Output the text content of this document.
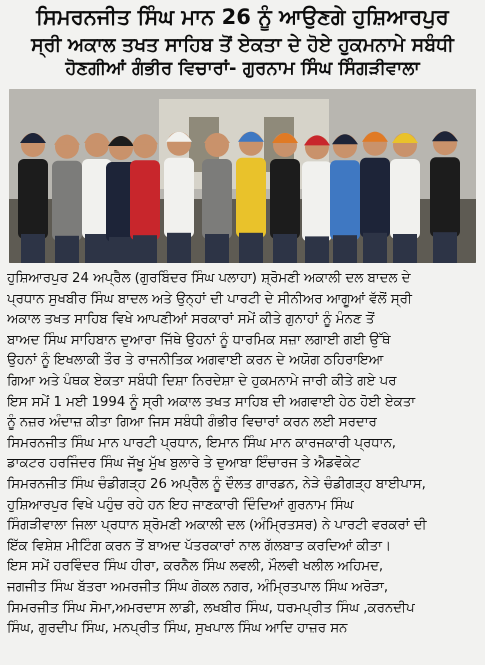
ਸਿਮਰਨਜੀਤ ਸਿੰਘ ਮਾਨ 26 ਨੂੰ ਆਉਣਗੇ ਹੁਸ਼ਿਆਰਪੁਰ
ਸ੍ਰੀ ਅਕਾਲ ਤਖਤ ਸਾਹਿਬ ਤੋਂ ਏਕਤਾ ਦੇ ਹੋਏ ਹੁਕਮਨਾਮੇ ਸਬੰਧੀ
ਹੋਣਗੀਆਂ ਗੰਭੀਰ ਵਿਚਾਰਾਂ- ਗੁਰਨਾਮ ਸਿੰਘ ਸਿੰਗੜੀਵਾਲਾ
ਹੁਸ਼ਿਆਰਪੁਰ 24 ਅਪ੍ਰੈਲ (ਗੁਰਬਿੰਦਰ ਸਿੰਘ ਪਲਾਹਾ) ਸ਼੍ਰੋਮਣੀ ਅਕਾਲੀ ਦਲ ਬਾਦਲ ਦੇ
ਪ੍ਰਧਾਨ ਸੁਖਬੀਰ ਸਿੰਘ ਬਾਦਲ ਅਤੇ ਉਨ੍ਹਾਂ ਦੀ ਪਾਰਟੀ ਦੇ ਸੀਨੀਅਰ ਆਗੂਆਂ ਵੱਲੋਂ ਸ੍ਰੀ
ਅਕਾਲ ਤਖਤ ਸਾਹਿਬ ਵਿਖੇ ਆਪਣੀਆਂ ਸਰਕਾਰਾਂ ਸਮੇਂ ਕੀਤੇ ਗੁਨਾਹਾਂ ਨੂੰ ਮੰਨਣ ਤੋਂ
ਬਾਅਦ ਸਿੰਘ ਸਾਹਿਬਾਨ ਦੁਆਰਾ ਜਿੱਥੇ ਉਹਨਾਂ ਨੂੰ ਧਾਰਮਿਕ ਸਜ਼ਾ ਲਗਾਈ ਗਈ ਉੱਥੇ
ਉਹਨਾਂ ਨੂੰ ਇਖਲਾਕੀ ਤੌਰ ਤੇ ਰਾਜਨੀਤਿਕ ਅਗਵਾਈ ਕਰਨ ਦੇ ਅਯੋਗ ਠਹਿਰਾਇਆ
ਗਿਆ ਅਤੇ ਪੰਥਕ ਏਕਤਾ ਸਬੰਧੀ ਦਿਸ਼ਾ ਨਿਰਦੇਸ਼ਾ ਦੇ ਹੁਕਮਨਾਮੇ ਜਾਰੀ ਕੀਤੇ ਗਏ ਪਰ
ਇਸ ਸਮੇਂ 1 ਮਈ 1994 ਨੂੰ ਸ੍ਰੀ ਅਕਾਲ ਤਖਤ ਸਾਹਿਬ ਦੀ ਅਗਵਾਈ ਹੇਠ ਹੋਈ ਏਕਤਾ
ਨੂੰ ਨਜ਼ਰ ਅੰਦਾਜ਼ ਕੀਤਾ ਗਿਆ ਜਿਸ ਸਬੰਧੀ ਗੰਭੀਰ ਵਿਚਾਰਾਂ ਕਰਨ ਲਈ ਸਰਦਾਰ
ਸਿਮਰਨਜੀਤ ਸਿੰਘ ਮਾਨ ਪਾਰਟੀ ਪ੍ਰਧਾਨ, ਇਮਾਨ ਸਿੰਘ ਮਾਨ ਕਾਰਜਕਾਰੀ ਪ੍ਰਧਾਨ,
ਡਾਕਟਰ ਹਰਜਿੰਦਰ ਸਿੰਘ ਜੱਖੂ ਮੁੱਖ ਬੁਲਾਰੇ ਤੇ ਦੁਆਬਾ ਇੰਚਾਰਜ ਤੇ ਐਡਵੋਕੇਟ
ਸਿਮਰਨਜੀਤ ਸਿੰਘ ਚੰਡੀਗੜ੍ਹ 26 ਅਪ੍ਰੈਲ ਨੂੰ ਦੌਲਤ ਗਾਰਡਨ, ਨੇੜੇ ਚੰਡੀਗੜ੍ਹ ਬਾਈਪਾਸ,
ਹੁਸ਼ਿਆਰਪੁਰ ਵਿਖੇ ਪਹੁੰਚ ਰਹੇ ਹਨ ਇਹ ਜਾਣਕਾਰੀ ਦਿੰਦਿਆਂ ਗੁਰਨਾਮ ਸਿੰਘ
ਸਿੰਗੜੀਵਾਲਾ ਜਿਲਾ ਪ੍ਰਧਾਨ ਸ਼੍ਰੋਮਣੀ ਅਕਾਲੀ ਦਲ (ਅੰਮ੍ਰਿਤਸਰ) ਨੇ ਪਾਰਟੀ ਵਰਕਰਾਂ ਦੀ
ਇੱਕ ਵਿਸ਼ੇਸ਼ ਮੀਟਿੰਗ ਕਰਨ ਤੋਂ ਬਾਅਦ ਪੱਤਰਕਾਰਾਂ ਨਾਲ ਗੱਲਬਾਤ ਕਰਦਿਆਂ ਕੀਤਾ।
ਇਸ ਸਮੇਂ ਹਰਵਿੰਦਰ ਸਿੰਘ ਹੀਰਾ, ਕਰਨੈਲ ਸਿੰਘ ਲਵਲੀ, ਮੌਲਵੀ ਖਲੀਲ ਅਹਿਮਦ,
ਜਗਜੀਤ ਸਿੰਘ ਬੱਤਰਾ ਅਮਰਜੀਤ ਸਿੰਘ ਗੋਕਲ ਨਗਰ, ਅੰਮ੍ਰਿਤਪਾਲ ਸਿੰਘ ਅਰੋੜਾ,
ਸਿਮਰਜੀਤ ਸਿੰਘ ਸੋਮਾ,ਅਮਰਦਾਸ ਲਾਡੀ, ਲਖਬੀਰ ਸਿੰਘ, ਧਰਮਪ੍ਰੀਤ ਸਿੰਘ ,ਕਰਨਦੀਪ
ਸਿੰਘ, ਗੁਰਦੀਪ ਸਿੰਘ, ਮਨਪ੍ਰੀਤ ਸਿੰਘ, ਸੁਖਪਾਲ ਸਿੰਘ ਆਦਿ ਹਾਜ਼ਰ ਸਨ
